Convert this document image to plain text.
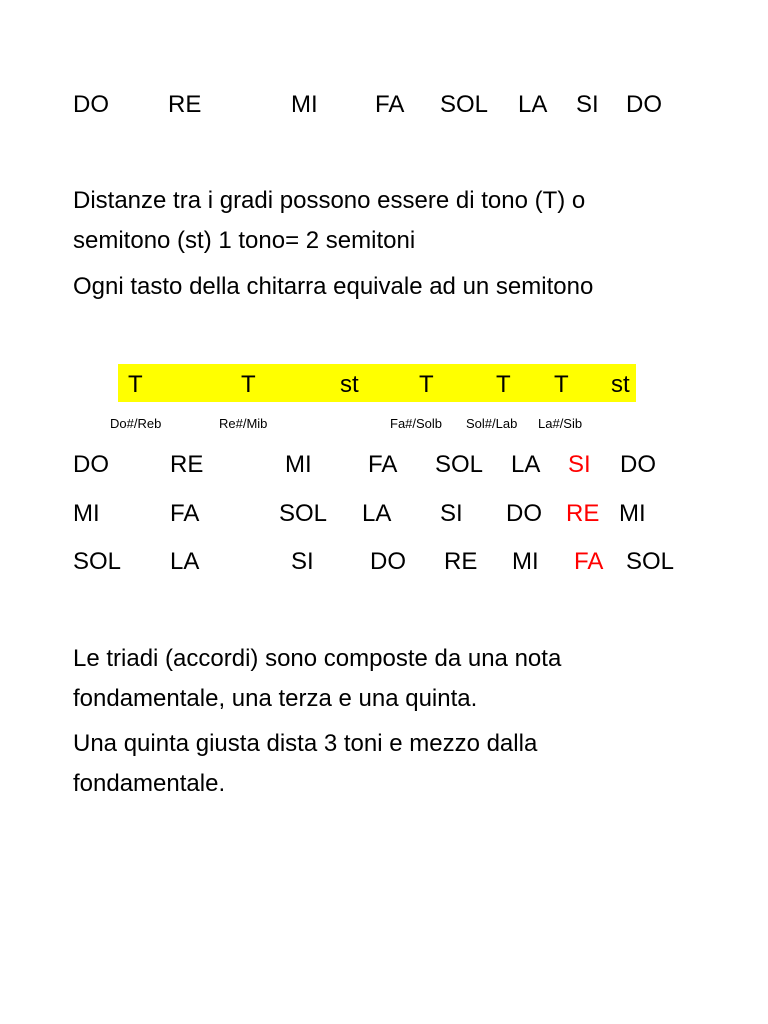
DO RE	MI FA SOL LA SI DO
Distanze tra i gradi possono essere di tono (T) o
semitono (st) 1 tono= 2 semitoni
Ogni tasto della chitarra equivale ad un semitono
T	T	st	T	T T st
Do#/Reb	Re#/Mib	Fa#/Solb Sol#/Lab La#/Sib
DO	RE	MI FA SOL LA SI DO
MI	FA	SOL LA SI DO RE MI
SOL LA	SI DO RE MI FA SOL
Le triadi (accordi) sono composte da una nota
fondamentale, una terza e una quinta.
Una quinta giusta dista 3 toni e mezzo dalla
fondamentale.
